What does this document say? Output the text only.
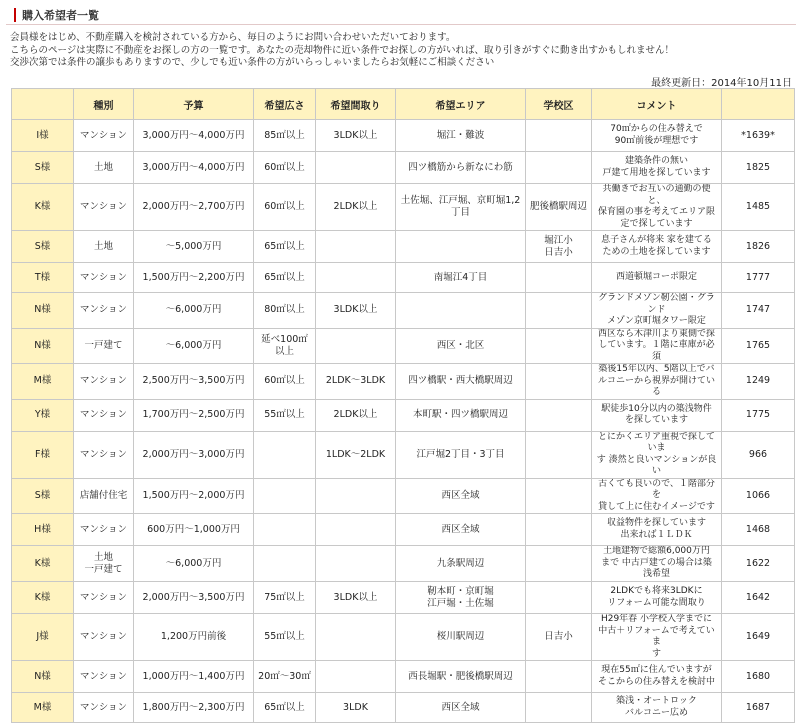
購入希望者一覧
会員様をはじめ、不動産購入を検討されている方から、毎日のようにお問い合わせいただいております。
こちらのページは実際に不動産をお探しの方の一覧です。あなたの売却物件に近い条件でお探しの方がいれば、取り引きがすぐに動き出すかもしれません！
交渉次第では条件の譲歩もありますので、少しでも近い条件の方がいらっしゃいましたらお気軽にご相談ください
最終更新日：2014年10月11日
	種別	予算	希望広さ	希望間取り	希望エリア	学校区	コメント	

I様	マンション	3,000万円～4,000万円	85㎡以上	3LDK以上	堀江・難波		70㎡からの住み替えで
90㎡前後が理想です	*1639*

S様	土地	3,000万円～4,000万円	60㎡以上		四ツ橋筋から新なにわ筋		建築条件の無い
戸建て用地を探しています	1825

K様	マンション	2,000万円～2,700万円	60㎡以上	2LDK以上	土佐堀、江戸堀、京町堀1,2
丁目	肥後橋駅周辺	共働きでお互いの通勤の便と、
保育園の事を考えてエリア限
定で探しています	1485

S様	土地	～5,000万円	65㎡以上			堀江小
日吉小	息子さんが将来 家を建てる
ための土地を探しています	1826

T様	マンション	1,500万円～2,200万円	65㎡以上		南堀江4丁目		西道頓堀コーポ限定	1777

N様	マンション	～6,000万円	80㎡以上	3LDK以上			グランドメゾン靭公園・グランド
メゾン京町堀タワー限定	1747

N様	一戸建て	～6,000万円	延べ100㎡
以上		西区・北区		西区なら木津川より東側で探
しています。１階に車庫が必須	1765

M様	マンション	2,500万円～3,500万円	60㎡以上	2LDK～3LDK	四ツ橋駅・西大橋駅周辺		築後15年以内、5階以上でバ
ルコニーから視界が開けている	1249

Y様	マンション	1,700万円～2,500万円	55㎡以上	2LDK以上	本町駅・四ツ橋駅周辺		駅徒歩10分以内の築浅物件
を探しています	1775

F様	マンション	2,000万円～3,000万円		1LDK～2LDK	江戸堀2丁目・3丁目		とにかくエリア重視で探していま
す 湊然と良いマンションが良い	966

S様	店舗付住宅	1,500万円～2,000万円			西区全域		古くても良いので、１階部分を
貸して上に住むイメージです	1066

H様	マンション	600万円～1,000万円			西区全域		収益物件を探しています
出来れば１ＬＤＫ	1468

K様	土地
一戸建て	～6,000万円			九条駅周辺		土地建物で総額6,000万円
まで 中古戸建ての場合は築
浅希望	1622

K様	マンション	2,000万円～3,500万円	75㎡以上	3LDK以上	靭本町・京町堀
江戸堀・土佐堀		2LDKでも将来3LDKに
リフォーム可能な間取り	1642

J様	マンション	1,200万円前後	55㎡以上		桜川駅周辺	日吉小	H29年春 小学校入学までに
中古＋リフォームで考えていま
す	1649

N様	マンション	1,000万円～1,400万円	20㎡～30㎡		西長堀駅・肥後橋駅周辺		現在55㎡に住んでいますが
そこからの住み替えを検討中	1680

M様	マンション	1,800万円～2,300万円	65㎡以上	3LDK	西区全域		築浅・オートロック
バルコニー広め	1687
